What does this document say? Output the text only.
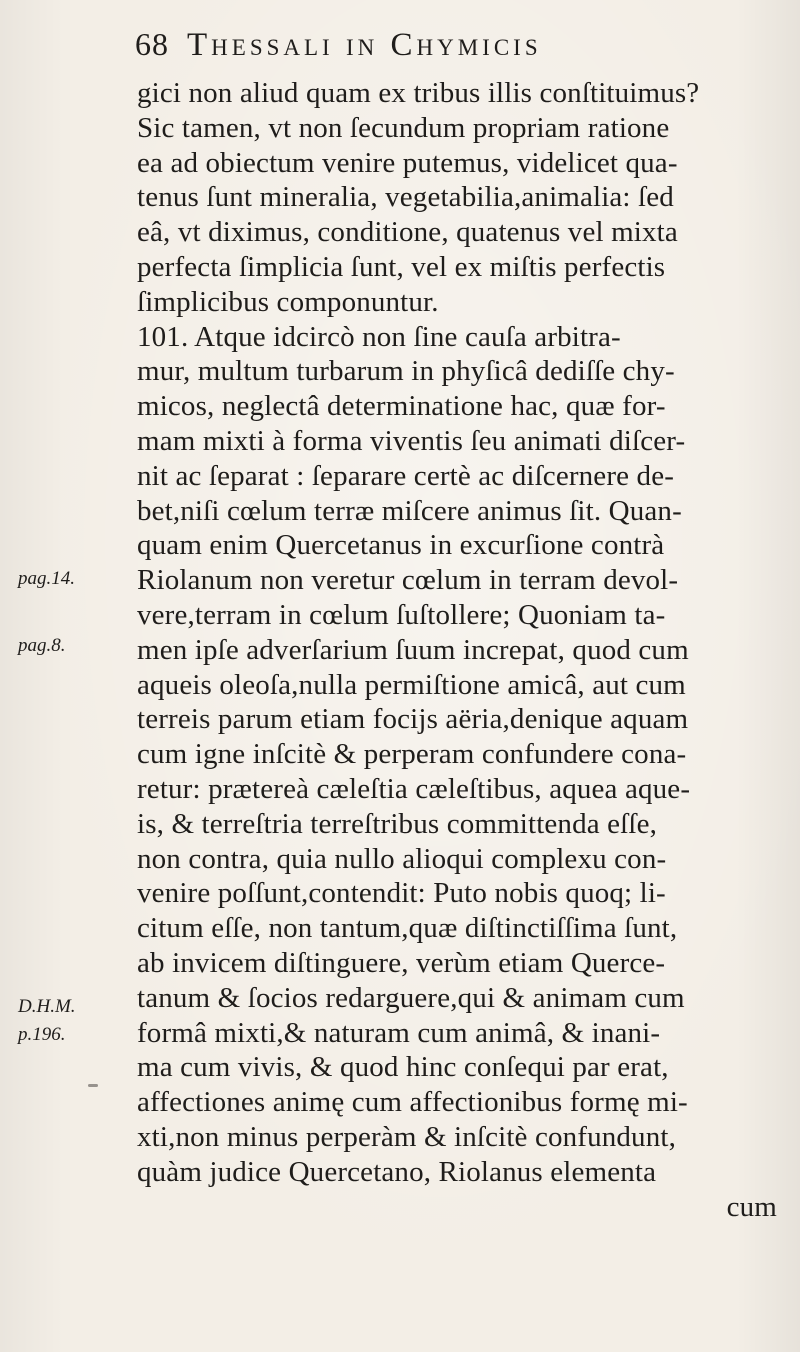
68 Thessali in Chymicis
pag.14.
pag.8.
D.H.M.
p.196.
gici non aliud quam ex tribus illis conſtituimus?
Sic tamen, vt non ſecundum propriam ratione
ea ad obiectum venire putemus, videlicet qua-
tenus ſunt mineralia, vegetabilia,animalia: ſed
eâ, vt diximus, conditione, quatenus vel mixta
perfecta ſimplicia ſunt, vel ex miſtis perfectis
ſimplicibus componuntur.
101. Atque idcircò non ſine cauſa arbitra-
mur, multum turbarum in phyſicâ dediſſe chy-
micos, neglectâ determinatione hac, quæ for-
mam mixti à forma viventis ſeu animati diſcer-
nit ac ſeparat : ſeparare certè ac diſcernere de-
bet,niſi cœlum terræ miſcere animus ſit. Quan-
quam enim Quercetanus in excurſione contrà
Riolanum non veretur cœlum in terram devol-
vere,terram in cœlum ſuſtollere; Quoniam ta-
men ipſe adverſarium ſuum increpat, quod cum
aqueis oleoſa,nulla permiſtione amicâ, aut cum
terreis parum etiam focijs aëria,denique aquam
cum igne inſcitè & perperam confundere cona-
retur: prætereà cæleſtia cæleſtibus, aquea aque-
is, & terreſtria terreſtribus committenda eſſe,
non contra, quia nullo alioqui complexu con-
venire poſſunt,contendit: Puto nobis quoq; li-
citum eſſe, non tantum,quæ diſtinctiſſima ſunt,
ab invicem diſtinguere, verùm etiam Querce-
tanum & ſocios redarguere,qui & animam cum
formâ mixti,& naturam cum animâ, & inani-
ma cum vivis, & quod hinc conſequi par erat,
affectiones animę cum affectionibus formę mi-
xti,non minus perperàm & inſcitè confundunt,
quàm judice Quercetano, Riolanus elementa
cum
